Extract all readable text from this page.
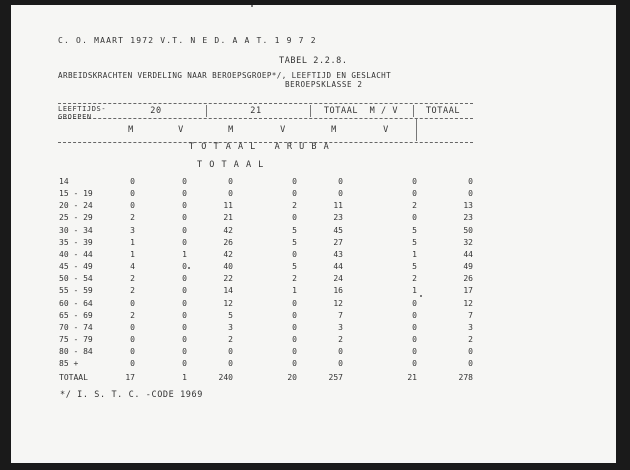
C. O. MAART 1972 V.T. N E D. A A T. 1 9 7 2
TABEL 2.2.8.
ARBEIDSKRACHTEN VERDELING NAAR BEROEPSGROEP*/, LEEFTIJD EN GESLACHT
BEROEPSKLASSE 2
LEEFTIJDS-
GROEPEN
20	21	TOTAAL  M / V	TOTAAL
M	V	M	V	M	V
T O T A A L   A R U B A
T O T A A L
14	0	0	0	0	0	0	0
15 - 19	0	0	0	0	0	0	0
20 - 24	0	0	11	2	11	2	13
25 - 29	2	0	21	0	23	0	23
30 - 34	3	0	42	5	45	5	50
35 - 39	1	0	26	5	27	5	32
40 - 44	1	1	42	0	43	1	44
45 - 49	4	0	40	5	44	5	49
50 - 54	2	0	22	2	24	2	26
55 - 59	2	0	14	1	16	1	17
60 - 64	0	0	12	0	12	0	12
65 - 69	2	0	5	0	7	0	7
70 - 74	0	0	3	0	3	0	3
75 - 79	0	0	2	0	2	0	2
80 - 84	0	0	0	0	0	0	0
85 +	0	0	0	0	0	0	0
TOTAAL	17	1	240	20	257	21	278
*/ I. S. T. C. -CODE 1969
